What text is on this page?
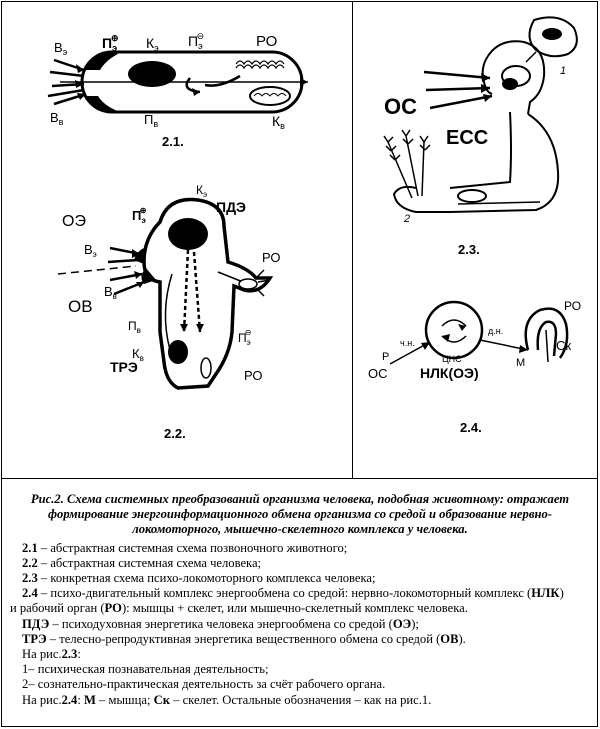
$В_э$
$В_в$
$П_э\oplus$ $К_э$ $П_э⊖$	РО
$П_в$	$К_в$
2.1.
ОЭ
ОВ
ПДЭ
ТРЭ
РО
РО
$К_э$
$П_э\oplus$
$В_э$
$В_в$
$П_в$
$К_в$
$П_э⊖$
2.2.
ОС
ЕСС
1
2
2.3.
ОС
Р
ч.н.
д.н.
ЦНС	М
НЛК(ОЭ)
РО
Ск
2.4.
Рис.2. Схема системных преобразований организма человека, подобная животному: отражает формирование энергоинформационного обмена организма со средой и образование нервно-локомоторного, мышечно-скелетного комплекса у человека.
2.1 – абстрактная системная схема позвоночного животного;
2.2 – абстрактная системная схема человека;
2.3 – конкретная схема психо-локомоторного комплекса человека;
2.4 – психо-двигательный комплекс энергообмена со средой: нервно-локомоторный комплекс (НЛК)
и рабочий орган (РО): мышцы + скелет, или мышечно-скелетный комплекс человека.
ПДЭ – психодуховная энергетика человека энергообмена со средой (ОЭ);
ТРЭ – телесно-репродуктивная энергетика вещественного обмена со средой (ОВ).
На рис.2.3:
1– психическая познавательная деятельность;
2– сознательно-практическая деятельность за счёт рабочего органа.
На рис.2.4: М – мышца; Ск – скелет. Остальные обозначения – как на рис.1.
